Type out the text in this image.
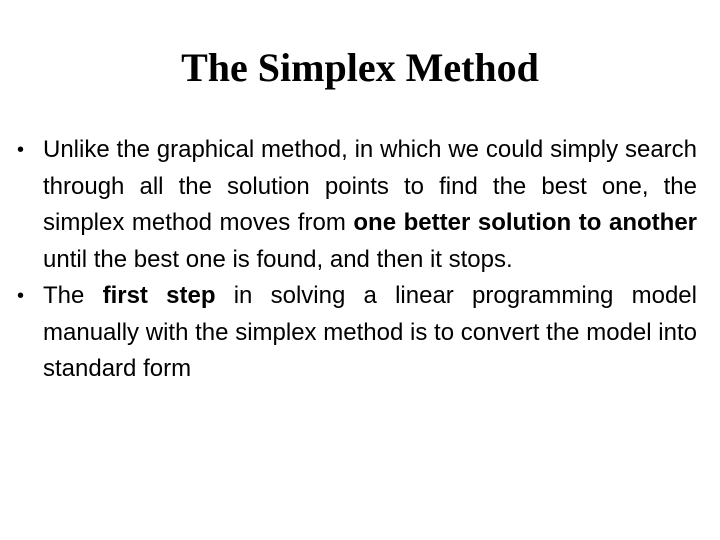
The Simplex Method
• Unlike the graphical method, in which we could simply search through all the solution points to find the best one, the simplex method moves from one better solution to another until the best one is found, and then it stops.
• The first step in solving a linear programming model manually with the simplex method is to convert the model into standard form
